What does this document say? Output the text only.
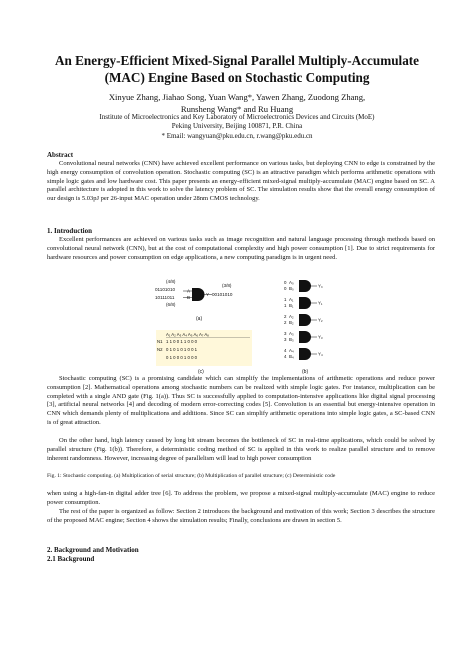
An Energy-Efficient Mixed-Signal Parallel Multiply-Accumulate
(MAC) Engine Based on Stochastic Computing
Xinyue Zhang, Jiahao Song, Yuan Wang*, Yawen Zhang, Zuodong Zhang,
Runsheng Wang* and Ru Huang
Institute of Microelectronics and Key Laboratory of Microelectronics Devices and Circuits (MoE)
Peking University, Beijing 100871, P.R. China
* Email: wangyuan@pku.edu.cn, r.wang@pku.edu.cn
Abstract
Convolutional neural networks (CNN) have achieved excellent performance on various tasks, but deploying CNN to edge is constrained by the high energy consumption of convolution operation. Stochastic computing (SC) is an attractive paradigm which performs arithmetic operations with simple logic gates and low hardware cost. This paper presents an energy-efficient mixed-signal multiply-accumulate (MAC) engine based on SC. A parallel architecture is adopted in this work to solve the latency problem of SC. The simulation results show that the overall energy consumption of our design is 5.03pJ per 26-input MAC operation under 28nm CMOS technology.
1. Introduction
Excellent performances are achieved on various tasks such as image recognition and natural language processing through methods based on convolutional neural network (CNN), but at the cost of computational complexity and high power consumption [1]. Due to strict requirements for hardware resources and power consumption on edge applications, a new computing paradigm is in urgent need.
(4/8)
01101010
10111011
(6/8)
A
B
(3/8)
Y 00101010
(a)
A₁ A₂ A₃ A₄ A₅ A₆ A₇ A₈
N1 1 1 0 0 1 1 0 0 0
N2 0 1 0 1 0 1 0 0 1
0 1 0 0 0 1 0 0 0
(c)
0 A₀
0 B₀	Y₀
1 A₁
1 B₁	Y₁
2 A₂
2 B₂	Y₂
3 A₃
3 B₃	Y₃
4 A₄
4 B₄	Y₄
(b)
Stochastic computing (SC) is a promising candidate which can simplify the implementations of arithmetic operations and reduce power consumption [2]. Mathematical operations among stochastic numbers can be realized with simple logic gates. For instance, multiplication can be completed with a single AND gate (Fig. 1(a)). Thus SC is successfully applied to computation-intensive applications like digital signal processing [3], artificial neural networks [4] and decoding of modern error-correcting codes [5]. Convolution is an essential but energy-intensive operation in CNN which demands plenty of multiplications and additions. Since SC can simplify arithmetic operations into simple logic gates, a SC-based CNN is of great attraction.
On the other hand, high latency caused by long bit stream becomes the bottleneck of SC in real-time applications, which could be solved by parallel structure (Fig. 1(b)). Therefore, a deterministic coding method of SC is applied in this work to realize parallel structure and to remove inherent randomness. However, increasing degree of parallelism will lead to high power consumption
Fig. 1: Stochastic computing. (a) Multiplication of serial structure; (b) Multiplication of parallel structure; (c) Deterministic code
when using a high-fan-in digital adder tree [6]. To address the problem, we propose a mixed-signal multiply-accumulate (MAC) engine to reduce power consumption.
The rest of the paper is organized as follow: Section 2 introduces the background and motivation of this work; Section 3 describes the structure of the proposed MAC engine; Section 4 shows the simulation results; Finally, conclusions are drawn in section 5.
2. Background and Motivation
2.1 Background
